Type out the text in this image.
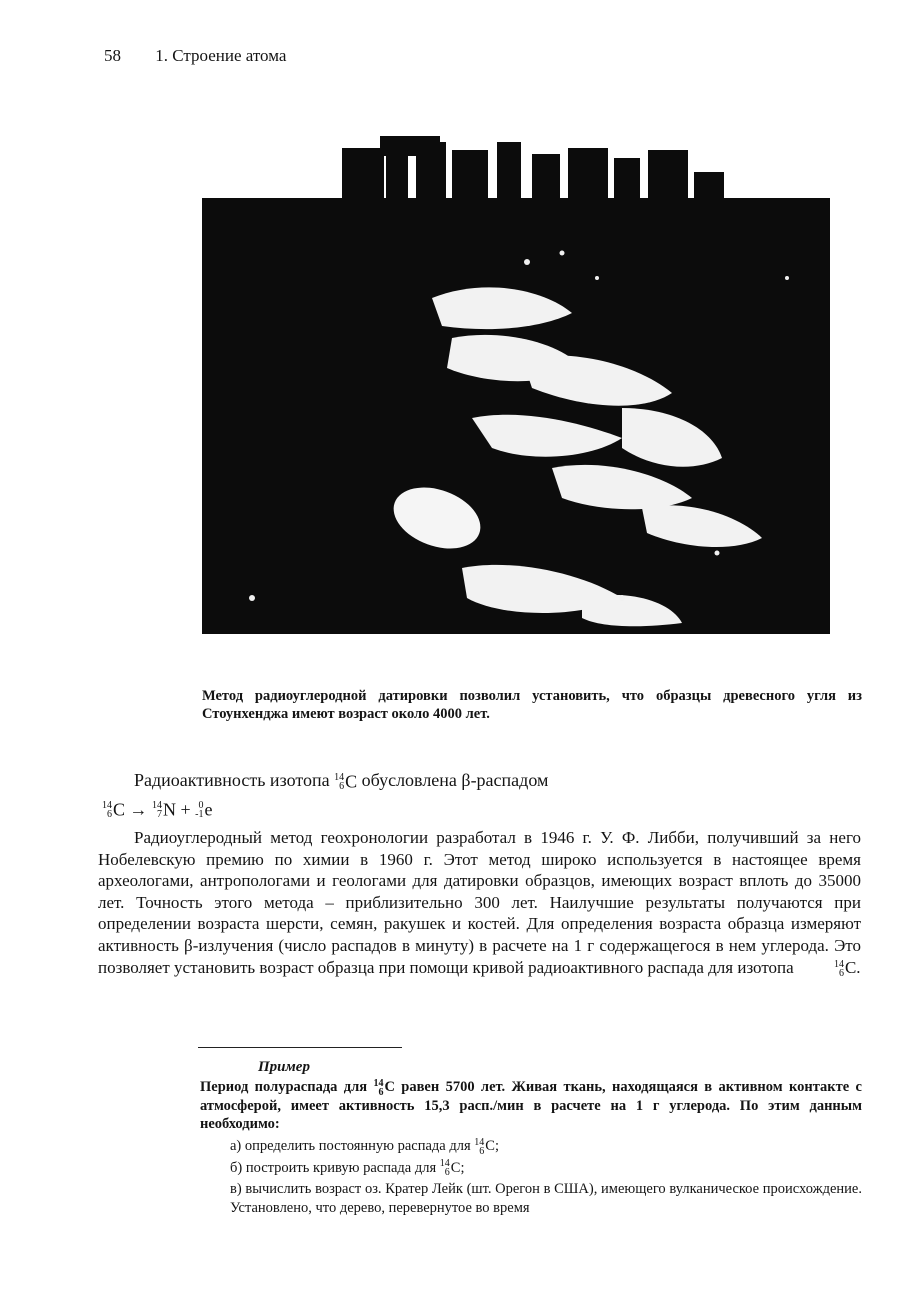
58 1. Строение атома
Метод радиоуглеродной датировки позволил установить, что образцы древесного угля из Стоунхенджа имеют возраст около 4000 лет.
Радиоактивность изотопа 14
6 C обусловлена β-распадом
14
6 C → 14
7 N + 0
-1 e
Радиоуглеродный метод геохронологии разработал в 1946 г. У. Ф. Либби, получивший за него Нобелевскую премию по химии в 1960 г. Этот метод широко используется в настоящее время археологами, антропологами и геологами для датировки образцов, имеющих возраст вплоть до 35000 лет. Точность этого метода – приблизительно 300 лет. Наилучшие результаты получаются при определении возраста шерсти, семян, ракушек и костей. Для определения возраста образца измеряют активность β-излучения (число распадов в минуту) в расчете на 1 г содержащегося в нем углерода. Это позволяет установить возраст образца при помощи кривой радиоактивного распада для изотопа	14
6 C.
Пример
Период полураспада для 14
6 C равен 5700 лет. Живая ткань, находящаяся в активном контакте с атмосферой, имеет активность 15,3 расп./мин в расчете на 1 г углерода. По этим данным необходимо:
а) определить постоянную распада для 14
6 C;
б) построить кривую распада для 14
6 C;
в) вычислить возраст оз. Кратер Лейк (шт. Орегон в США), имеющего вулканическое происхождение. Установлено, что дерево, перевернутое во время
